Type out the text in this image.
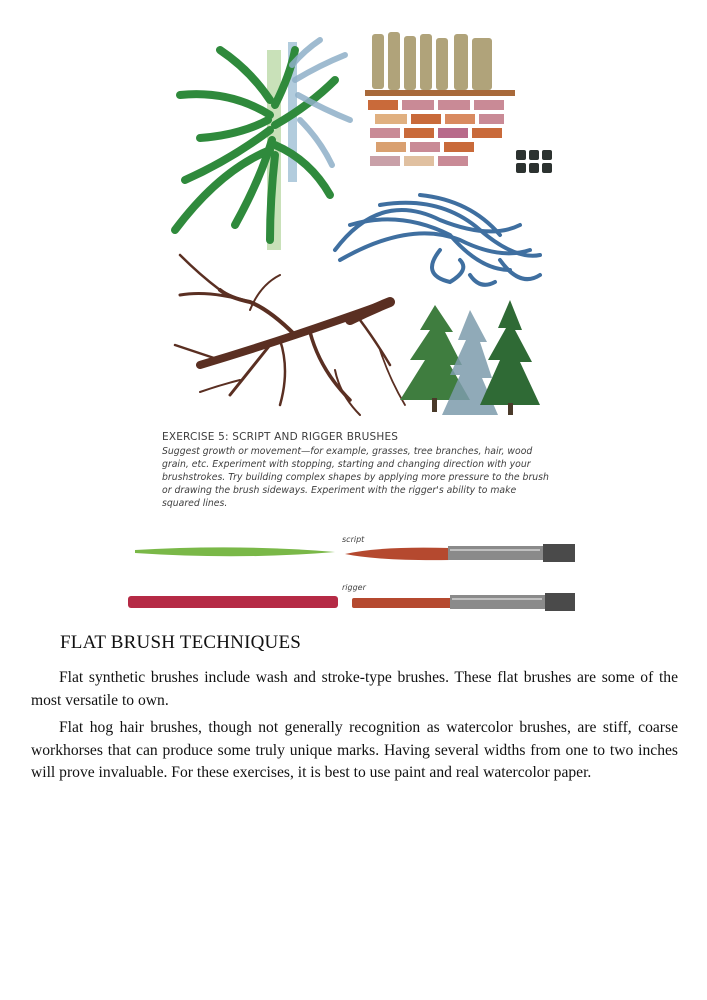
EXERCISE 5: SCRIPT AND RIGGER BRUSHES
Suggest growth or movement—for example, grasses, tree branches, hair, wood
grain, etc. Experiment with stopping, starting and changing direction with your
brushstrokes. Try building complex shapes by applying more pressure to the brush
or drawing the brush sideways. Experiment with the rigger's ability to make
squared lines.
script
rigger
FLAT BRUSH TECHNIQUES

Flat synthetic brushes include wash and stroke-type brushes. These flat brushes are some of the most versatile to own.

Flat hog hair brushes, though not generally recognition as watercolor brushes, are stiff, coarse workhorses that can produce some truly unique marks. Having several widths from one to two inches will prove invaluable. For these exercises, it is best to use paint and real watercolor paper.
